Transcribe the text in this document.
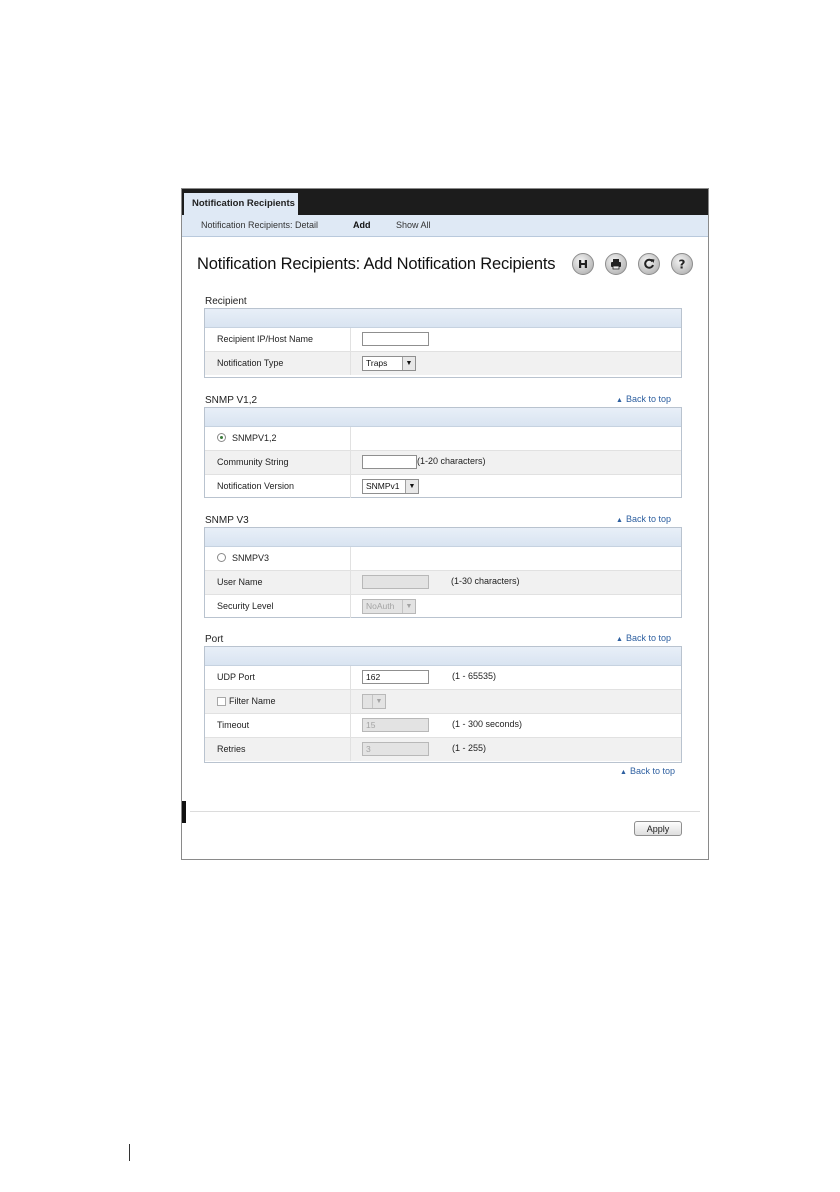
Notification Recipients
Notification Recipients: Detail	Add	Show All
Notification Recipients: Add Notification Recipients	?
Recipient
Recipient IP/Host Name
Notification Type	Traps	▼
SNMP V1,2	▲ Back to top
SNMPV1,2
Community String	(1-20 characters)
Notification Version	SNMPv1	▼
SNMP V3	▲ Back to top
SNMPV3
User Name	(1-30 characters)
Security Level	NoAuth	▼
Port	▲ Back to top
UDP Port	162	(1 - 65535)
Filter Name	▼
Timeout	15	(1 - 300 seconds)
Retries	3	(1 - 255)
▲ Back to top
Apply
